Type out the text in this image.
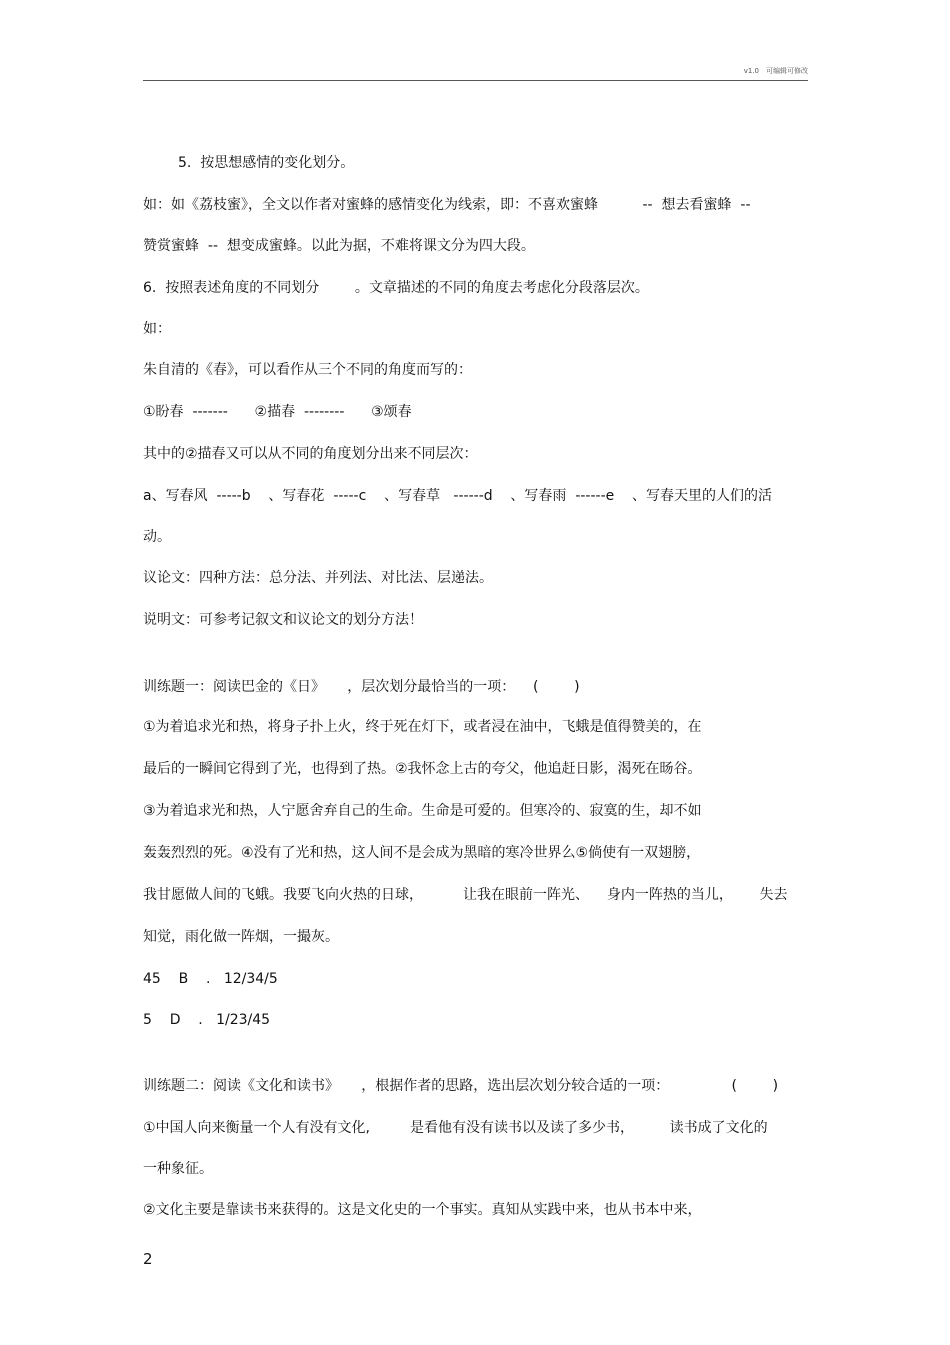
v1.0　可编辑可修改
5.  按思想感情的变化划分。
如：如《荔枝蜜》，全文以作者对蜜蜂的感情变化为线索，即：不喜欢蜜蜂          --  想去看蜜蜂  --
赞赏蜜蜂  --  想变成蜜蜂。以此为据，不难将课文分为四大段。
6.  按照表述角度的不同划分        。文章描述的不同的角度去考虑化分段落层次。
如：
朱自清的《春》，可以看作从三个不同的角度而写的：
①盼春  -------      ②描春  --------      ③颂春
其中的②描春又可以从不同的角度划分出来不同层次：
a、写春风  -----b    、写春花  -----c    、写春草   ------d    、写春雨  ------e    、写春天里的人们的活
动。
议论文：四种方法：总分法、并列法、对比法、层递法。
说明文：可参考记叙文和议论文的划分方法！
训练题一：阅读巴金的《日》     ，层次划分最恰当的一项：    (        )
①为着追求光和热，将身子扑上火，终于死在灯下，或者浸在油中，飞蛾是值得赞美的，在
最后的一瞬间它得到了光，也得到了热。②我怀念上古的夸父，他追赶日影，渴死在旸谷。
③为着追求光和热，人宁愿舍弃自己的生命。生命是可爱的。但寒冷的、寂寞的生，却不如
轰轰烈烈的死。④没有了光和热，这人间不是会成为黑暗的寒冷世界么⑤倘使有一双翅膀，
我甘愿做人间的飞蛾。我要飞向火热的日球，         让我在眼前一阵光、    身内一阵热的当儿，      失去
知觉，雨化做一阵烟，一撮灰。
45    B    .   12/34/5
5    D    .   1/23/45
训练题二：阅读《文化和读书》     ，根据作者的思路，选出层次划分较合适的一项：              (        )
①中国人向来衡量一个人有没有文化,         是看他有没有读书以及读了多少书，        读书成了文化的
一种象征。
②文化主要是靠读书来获得的。这是文化史的一个事实。真知从实践中来，也从书本中来，
2
